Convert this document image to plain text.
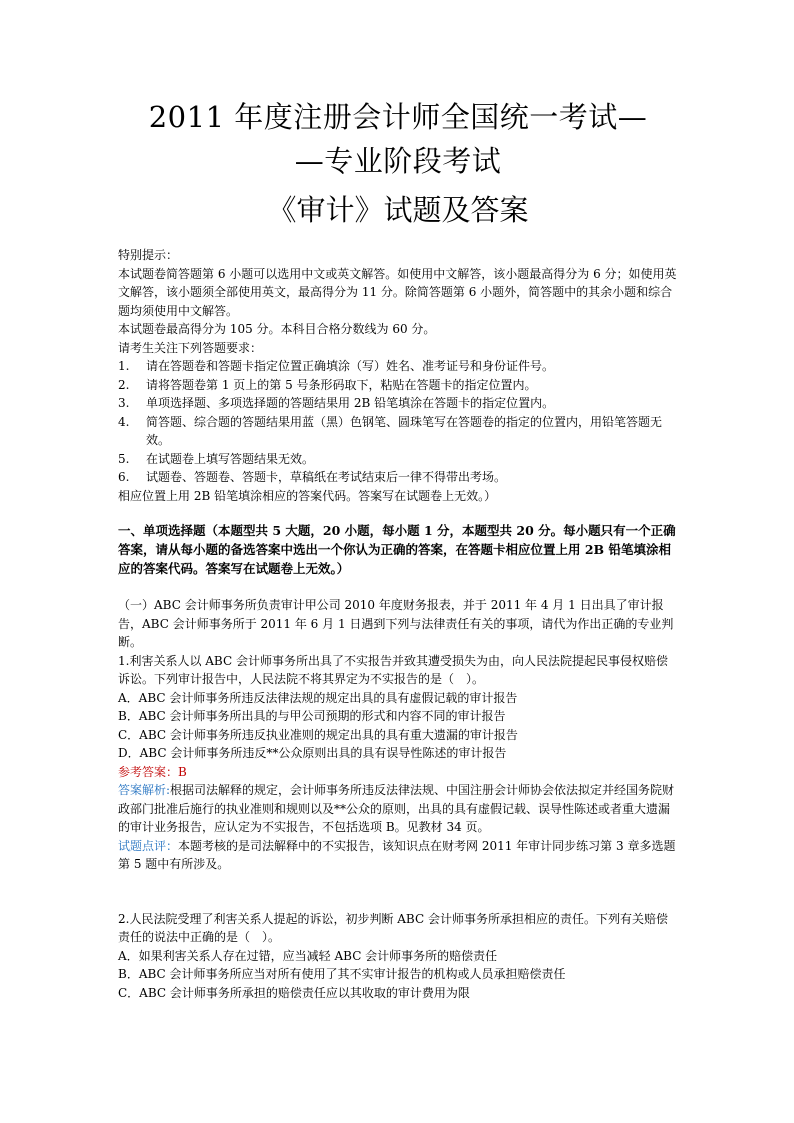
2011 年度注册会计师全国统一考试—
—专业阶段考试
《审计》试题及答案
特别提示：
本试题卷简答题第 6 小题可以选用中文或英文解答。如使用中文解答，该小题最高得分为 6 分；如使用英文解答，该小题须全部使用英文，最高得分为 11 分。除简答题第 6 小题外，简答题中的其余小题和综合题均须使用中文解答。
本试题卷最高得分为 105 分。本科目合格分数线为 60 分。
请考生关注下列答题要求：
1.	请在答题卷和答题卡指定位置正确填涂（写）姓名、准考证号和身份证件号。
2.	请将答题卷第 1 页上的第 5 号条形码取下，粘贴在答题卡的指定位置内。
3.	单项选择题、多项选择题的答题结果用 2B 铅笔填涂在答题卡的指定位置内。
4.	简答题、综合题的答题结果用蓝（黑）色钢笔、圆珠笔写在答题卷的指定的位置内，用铅笔答题无效。
5.	在试题卷上填写答题结果无效。
6.	试题卷、答题卷、答题卡，草稿纸在考试结束后一律不得带出考场。
相应位置上用 2B 铅笔填涂相应的答案代码。答案写在试题卷上无效。）
一、单项选择题（本题型共 5 大题，20 小题，每小题 1 分，本题型共 20 分。每小题只有一个正确答案，请从每小题的备选答案中选出一个你认为正确的答案，在答题卡相应位置上用 2B 铅笔填涂相应的答案代码。答案写在试题卷上无效。）
（一）ABC 会计师事务所负责审计甲公司 2010 年度财务报表，并于 2011 年 4 月 1 日出具了审计报告，ABC 会计师事务所于 2011 年 6 月 1 日遇到下列与法律责任有关的事项，请代为作出正确的专业判断。
1.利害关系人以 ABC 会计师事务所出具了不实报告并致其遭受损失为由，向人民法院提起民事侵权赔偿诉讼。下列审计报告中，人民法院不将其界定为不实报告的是（　）。
A．ABC 会计师事务所违反法律法规的规定出具的具有虚假记载的审计报告
B．ABC 会计师事务所出具的与甲公司预期的形式和内容不同的审计报告
C．ABC 会计师事务所违反执业准则的规定出具的具有重大遗漏的审计报告
D．ABC 会计师事务所违反**公众原则出具的具有误导性陈述的审计报告
参考答案：B
答案解析:根据司法解释的规定，会计师事务所违反法律法规、中国注册会计师协会依法拟定并经国务院财政部门批准后施行的执业准则和规则以及**公众的原则，出具的具有虚假记载、误导性陈述或者重大遗漏的审计业务报告，应认定为不实报告，不包括选项 B。见教材 34 页。
试题点评：本题考核的是司法解释中的不实报告，该知识点在财考网 2011 年审计同步练习第 3 章多选题第 5 题中有所涉及。
2.人民法院受理了利害关系人提起的诉讼，初步判断 ABC 会计师事务所承担相应的责任。下列有关赔偿责任的说法中正确的是（　）。
A．如果利害关系人存在过错，应当减轻 ABC 会计师事务所的赔偿责任
B．ABC 会计师事务所应当对所有使用了其不实审计报告的机构或人员承担赔偿责任
C．ABC 会计师事务所承担的赔偿责任应以其收取的审计费用为限
